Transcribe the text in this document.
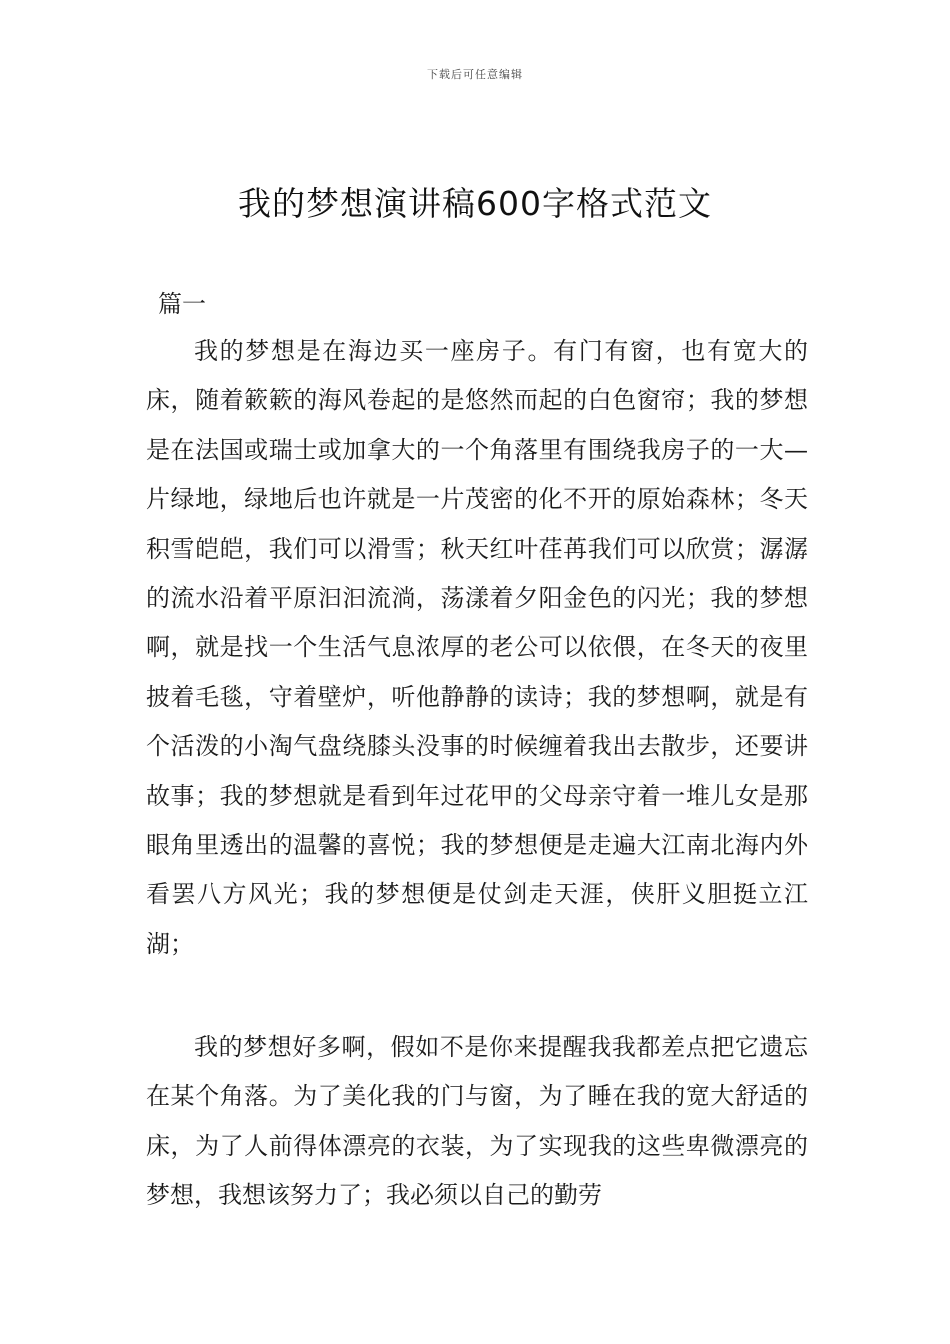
下载后可任意编辑
我的梦想演讲稿600字格式范文

篇一

我的梦想是在海边买一座房子。有门有窗，也有宽大的床，随着簌簌的海风卷起的是悠然而起的白色窗帘；我的梦想是在法国或瑞士或加拿大的一个角落里有围绕我房子的一大—片绿地，绿地后也许就是一片茂密的化不开的原始森林；冬天积雪皑皑，我们可以滑雪；秋天红叶荏苒我们可以欣赏；潺潺的流水沿着平原汩汩流淌，荡漾着夕阳金色的闪光；我的梦想啊，就是找一个生活气息浓厚的老公可以依偎，在冬天的夜里披着毛毯，守着壁炉，听他静静的读诗；我的梦想啊，就是有个活泼的小淘气盘绕膝头没事的时候缠着我出去散步，还要讲故事；我的梦想就是看到年过花甲的父母亲守着一堆儿女是那眼角里透出的温馨的喜悦；我的梦想便是走遍大江南北海内外看罢八方风光；我的梦想便是仗剑走天涯，侠肝义胆挺立江湖；

我的梦想好多啊，假如不是你来提醒我我都差点把它遗忘在某个角落。为了美化我的门与窗，为了睡在我的宽大舒适的床，为了人前得体漂亮的衣装，为了实现我的这些卑微漂亮的梦想，我想该努力了；我必须以自己的勤劳
